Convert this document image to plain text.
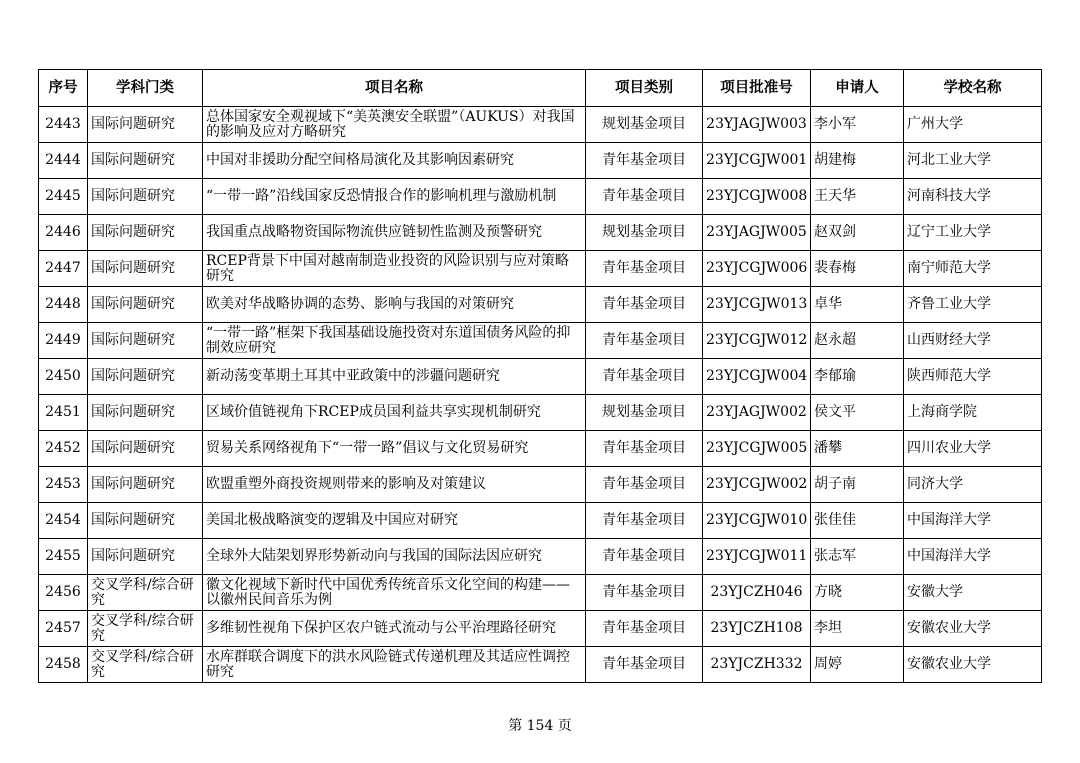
序号	学科门类	项目名称	项目类别	项目批准号	申请人	学校名称
2443	国际问题研究	总体国家安全观视域下“美英澳安全联盟”（AUKUS）对我国的影响及应对方略研究	规划基金项目	23YJAGJW003	李小军	广州大学
2444	国际问题研究	中国对非援助分配空间格局演化及其影响因素研究	青年基金项目	23YJCGJW001	胡建梅	河北工业大学
2445	国际问题研究	“一带一路”沿线国家反恐情报合作的影响机理与激励机制	青年基金项目	23YJCGJW008	王天华	河南科技大学
2446	国际问题研究	我国重点战略物资国际物流供应链韧性监测及预警研究	规划基金项目	23YJAGJW005	赵双剑	辽宁工业大学
2447	国际问题研究	RCEP背景下中国对越南制造业投资的风险识别与应对策略研究	青年基金项目	23YJCGJW006	裴春梅	南宁师范大学
2448	国际问题研究	欧美对华战略协调的态势、影响与我国的对策研究	青年基金项目	23YJCGJW013	卓华	齐鲁工业大学
2449	国际问题研究	“一带一路”框架下我国基础设施投资对东道国债务风险的抑制效应研究	青年基金项目	23YJCGJW012	赵永超	山西财经大学
2450	国际问题研究	新动荡变革期土耳其中亚政策中的涉疆问题研究	青年基金项目	23YJCGJW004	李郁瑜	陕西师范大学
2451	国际问题研究	区域价值链视角下RCEP成员国利益共享实现机制研究	规划基金项目	23YJAGJW002	侯文平	上海商学院
2452	国际问题研究	贸易关系网络视角下“一带一路”倡议与文化贸易研究	青年基金项目	23YJCGJW005	潘攀	四川农业大学
2453	国际问题研究	欧盟重塑外商投资规则带来的影响及对策建议	青年基金项目	23YJCGJW002	胡子南	同济大学
2454	国际问题研究	美国北极战略演变的逻辑及中国应对研究	青年基金项目	23YJCGJW010	张佳佳	中国海洋大学
2455	国际问题研究	全球外大陆架划界形势新动向与我国的国际法因应研究	青年基金项目	23YJCGJW011	张志军	中国海洋大学
2456	交叉学科/综合研究	徽文化视域下新时代中国优秀传统音乐文化空间的构建——以徽州民间音乐为例	青年基金项目	23YJCZH046	方晓	安徽大学
2457	交叉学科/综合研究	多维韧性视角下保护区农户链式流动与公平治理路径研究	青年基金项目	23YJCZH108	李坦	安徽农业大学
2458	交叉学科/综合研究	水库群联合调度下的洪水风险链式传递机理及其适应性调控研究	青年基金项目	23YJCZH332	周婷	安徽农业大学
第 154 页
